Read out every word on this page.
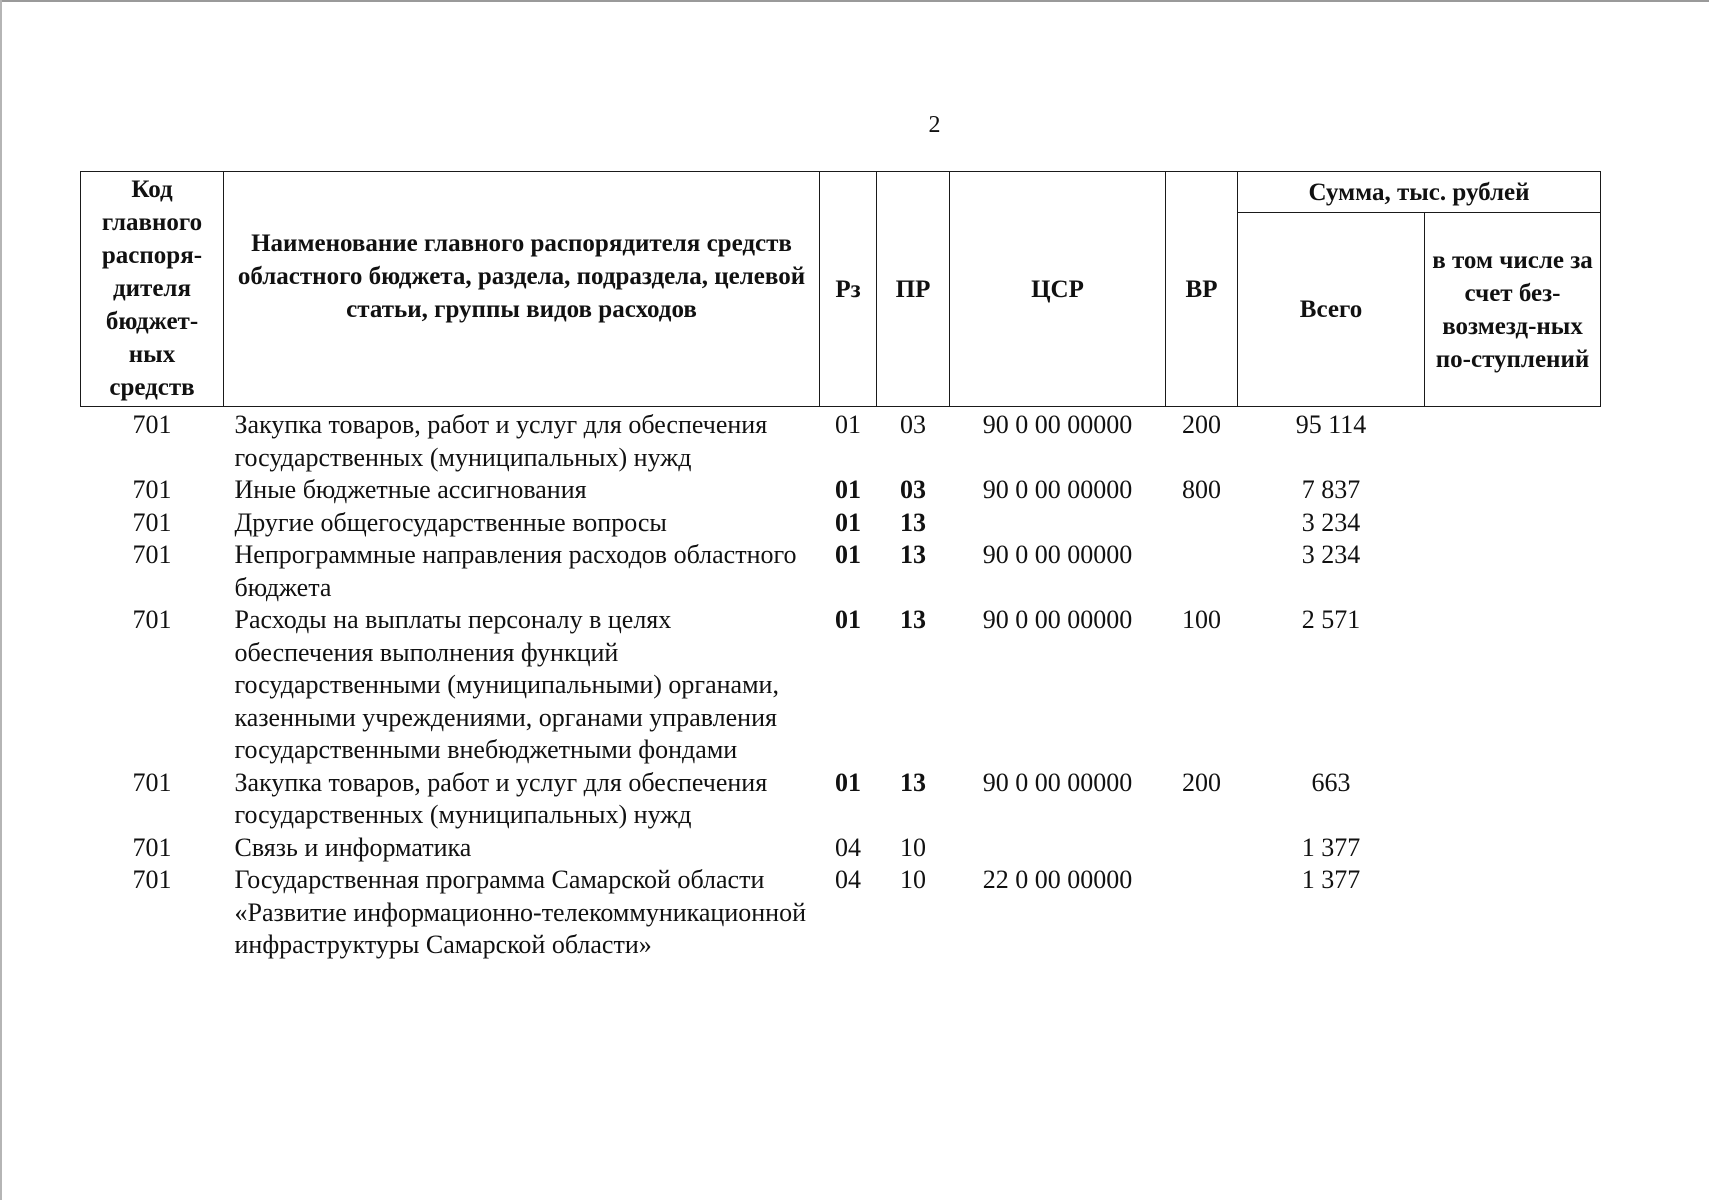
2
Код главного распоря-дителя бюджет-ных средств	Наименование главного распорядителя средств областного бюджета, раздела, подраздела, целевой статьи, группы видов расходов	Рз	ПР	ЦСР	ВР	Сумма, тыс. рублей	
						Всего	в том числе за счет без-возмезд-ных по-ступлений
701	Закупка товаров, работ и услуг для обеспечения государственных (муниципальных) нужд	01	03	90 0 00 00000	200	95 114	
701	Иные бюджетные ассигнования	01	03	90 0 00 00000	800	7 837	
701	Другие общегосударственные вопросы	01	13			3 234	
701	Непрограммные направления расходов областного бюджета	01	13	90 0 00 00000		3 234	
701	Расходы на выплаты персоналу в целях обеспечения выполнения функций государственными (муниципальными) органами, казенными учреждениями, органами управления государственными внебюджетными фондами	01	13	90 0 00 00000	100	2 571	
701	Закупка товаров, работ и услуг для обеспечения государственных (муниципальных) нужд	01	13	90 0 00 00000	200	663	
701	Связь и информатика	04	10			1 377	
701	Государственная программа Самарской области «Развитие информационно-телекоммуникационной инфраструктуры Самарской области»	04	10	22 0 00 00000		1 377	
